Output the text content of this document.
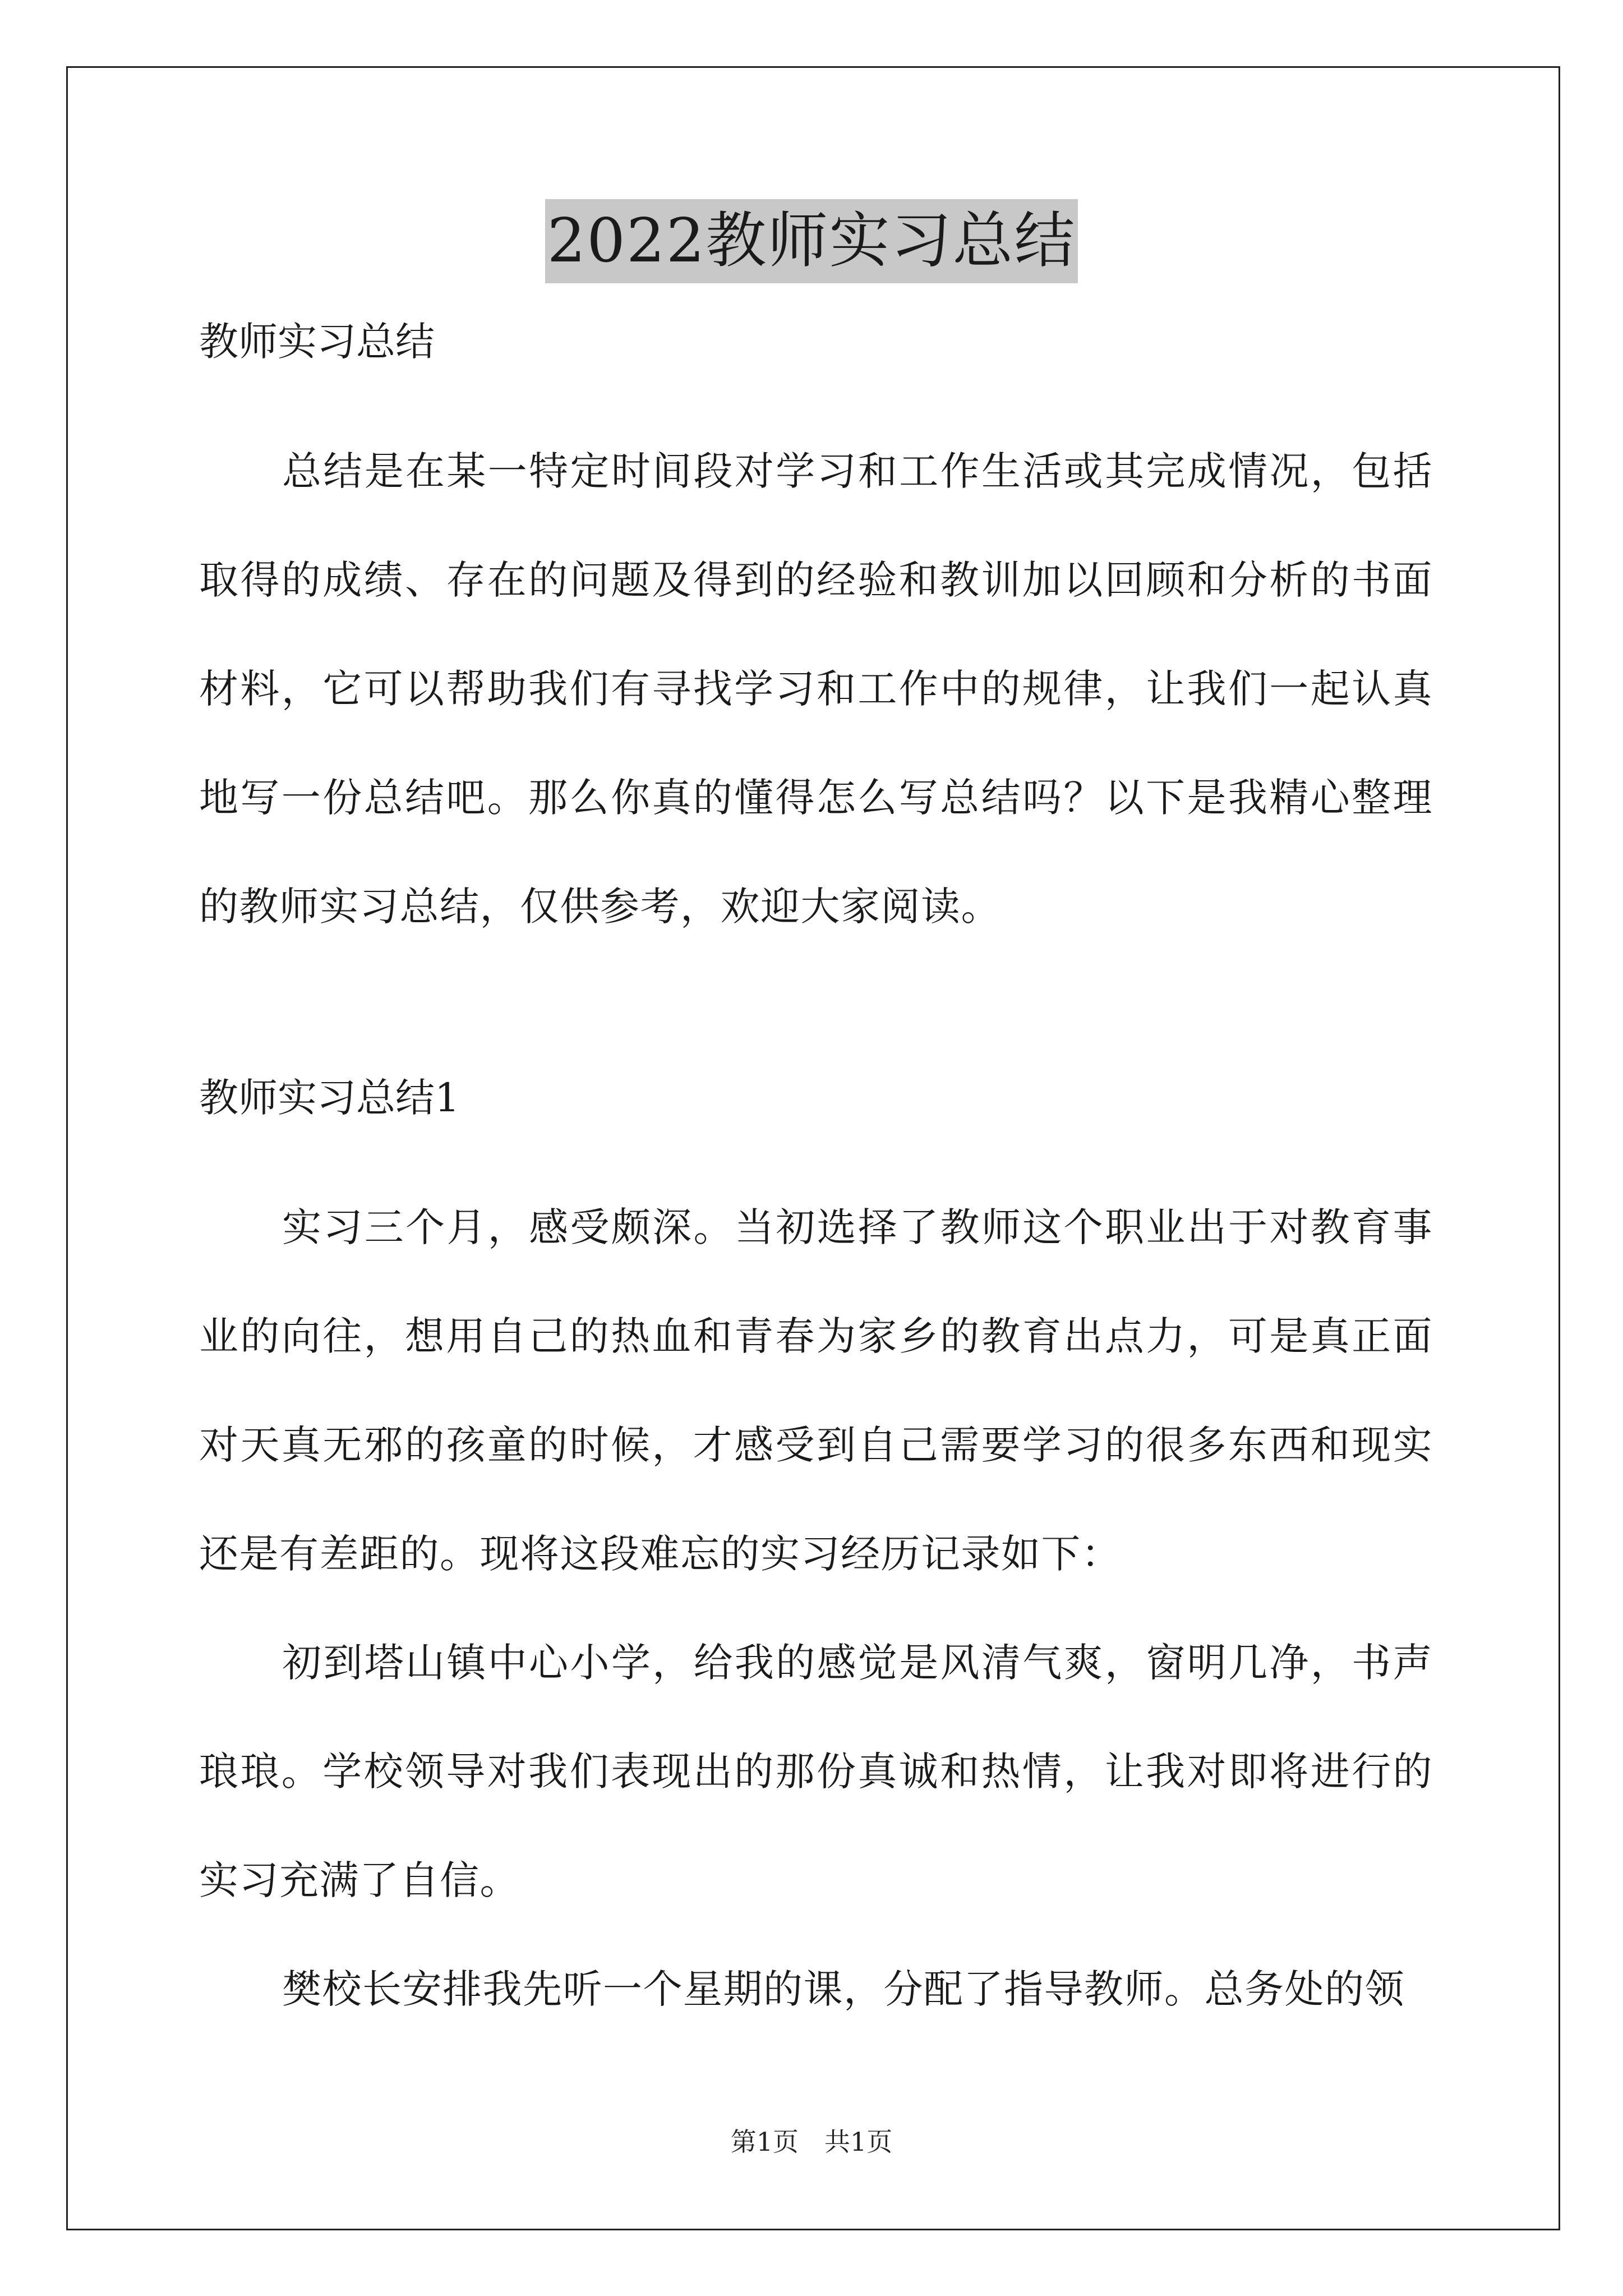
2022教师实习总结

教师实习总结

总结是在某一特定时间段对学习和工作生活或其完成情况，包括取得的成绩、存在的问题及得到的经验和教训加以回顾和分析的书面材料，它可以帮助我们有寻找学习和工作中的规律，让我们一起认真地写一份总结吧。那么你真的懂得怎么写总结吗？以下是我精心整理的教师实习总结，仅供参考，欢迎大家阅读。

教师实习总结1

实习三个月，感受颇深。当初选择了教师这个职业出于对教育事业的向往，想用自己的热血和青春为家乡的教育出点力，可是真正面对天真无邪的孩童的时候，才感受到自己需要学习的很多东西和现实还是有差距的。现将这段难忘的实习经历记录如下：

初到塔山镇中心小学，给我的感觉是风清气爽，窗明几净，书声琅琅。学校领导对我们表现出的那份真诚和热情，让我对即将进行的实习充满了自信。

樊校长安排我先听一个星期的课，分配了指导教师。总务处的领

第1页 共1页
